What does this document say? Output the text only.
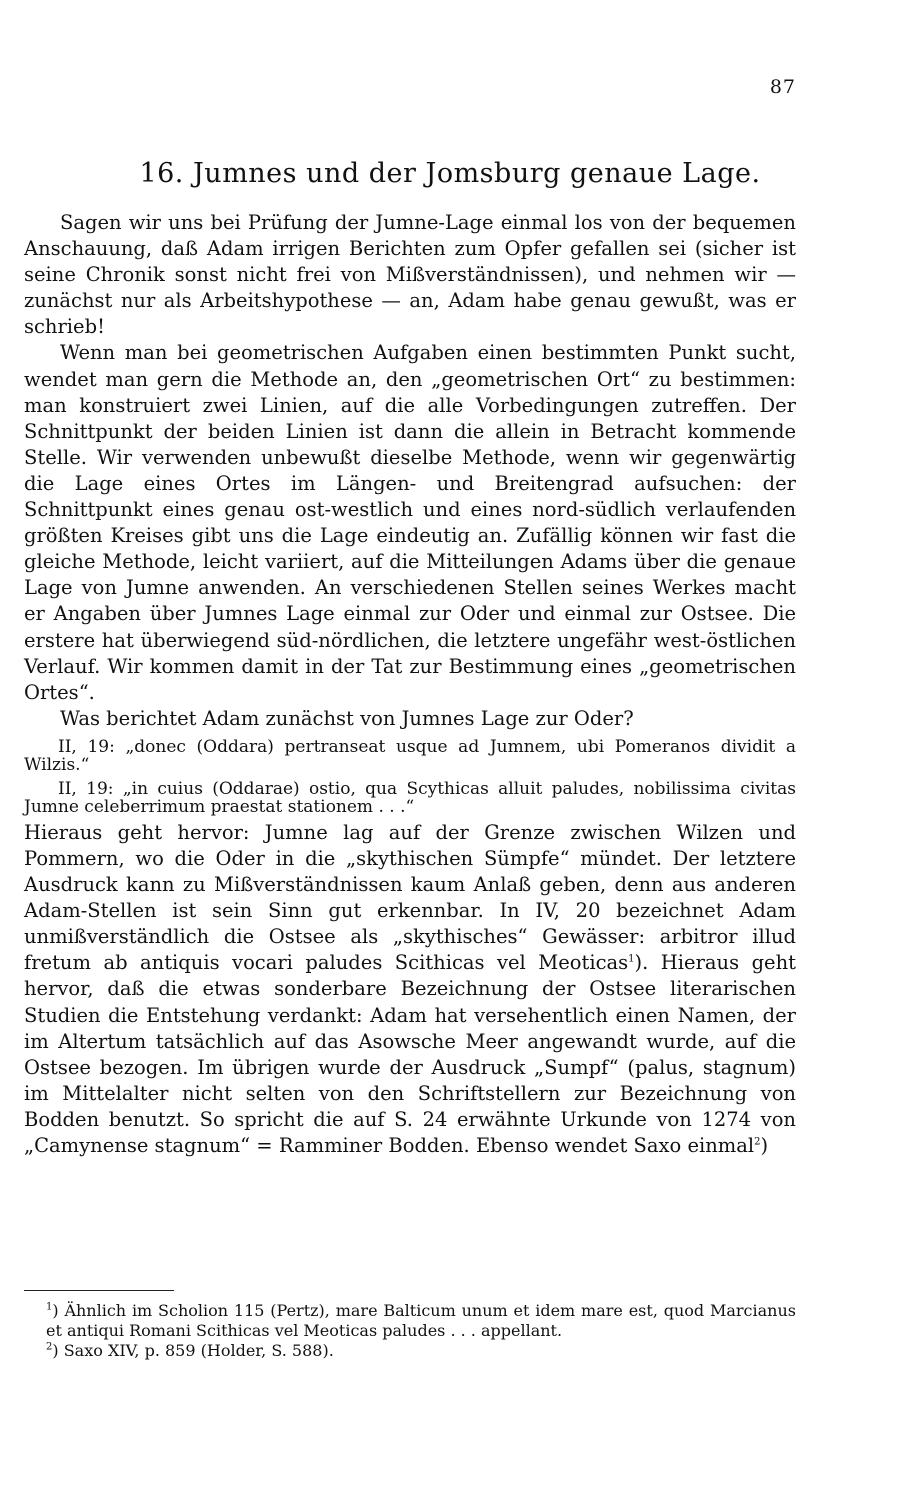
87
16. Jumnes und der Jomsburg genaue Lage.

Sagen wir uns bei Prüfung der Jumne-Lage einmal los von der bequemen Anschauung, daß Adam irrigen Berichten zum Opfer gefallen sei (sicher ist seine Chronik sonst nicht frei von Mißverständnissen), und nehmen wir — zunächst nur als Arbeitshypothese — an, Adam habe genau gewußt, was er schrieb!

Wenn man bei geometrischen Aufgaben einen bestimmten Punkt sucht, wendet man gern die Methode an, den „geometrischen Ort“ zu bestimmen: man konstruiert zwei Linien, auf die alle Vorbedingungen zutreffen. Der Schnittpunkt der beiden Linien ist dann die allein in Betracht kommende Stelle. Wir verwenden unbewußt dieselbe Methode, wenn wir gegenwärtig die Lage eines Ortes im Längen- und Breitengrad aufsuchen: der Schnittpunkt eines genau ost-westlich und eines nord-südlich verlaufenden größten Kreises gibt uns die Lage eindeutig an. Zufällig können wir fast die gleiche Methode, leicht variiert, auf die Mitteilungen Adams über die genaue Lage von Jumne anwenden. An verschiedenen Stellen seines Werkes macht er Angaben über Jumnes Lage einmal zur Oder und einmal zur Ostsee. Die erstere hat überwiegend süd-nördlichen, die letztere ungefähr west-östlichen Verlauf. Wir kommen damit in der Tat zur Bestimmung eines „geometrischen Ortes“.

Was berichtet Adam zunächst von Jumnes Lage zur Oder?

II, 19: „donec (Oddara) pertranseat usque ad Jumnem, ubi Pomeranos dividit a Wilzis.“

II, 19: „in cuius (Oddarae) ostio, qua Scythicas alluit paludes, nobilissima civitas Jumne celeberrimum praestat stationem . . .“

Hieraus geht hervor: Jumne lag auf der Grenze zwischen Wilzen und Pommern, wo die Oder in die „skythischen Sümpfe“ mündet. Der letztere Ausdruck kann zu Mißverständnissen kaum Anlaß geben, denn aus anderen Adam-Stellen ist sein Sinn gut erkennbar. In IV, 20 bezeichnet Adam unmißverständlich die Ostsee als „skythisches“ Gewässer: arbitror illud fretum ab antiquis vocari paludes Scithicas vel Meoticas$^1$). Hieraus geht hervor, daß die etwas sonderbare Bezeichnung der Ostsee literarischen Studien die Entstehung verdankt: Adam hat versehentlich einen Namen, der im Altertum tatsächlich auf das Asowsche Meer angewandt wurde, auf die Ostsee bezogen. Im übrigen wurde der Ausdruck „Sumpf“ (palus, stagnum) im Mittelalter nicht selten von den Schriftstellern zur Bezeichnung von Bodden benutzt. So spricht die auf S. 24 erwähnte Urkunde von 1274 von „Camynense stagnum“ = Ramminer Bodden. Ebenso wendet Saxo einmal$^2$)

$^1$) Ähnlich im Scholion 115 (Pertz), mare Balticum unum et idem mare est, quod Marcianus et antiqui Romani Scithicas vel Meoticas paludes . . . appellant.

$^2$) Saxo XIV, p. 859 (Holder, S. 588).
